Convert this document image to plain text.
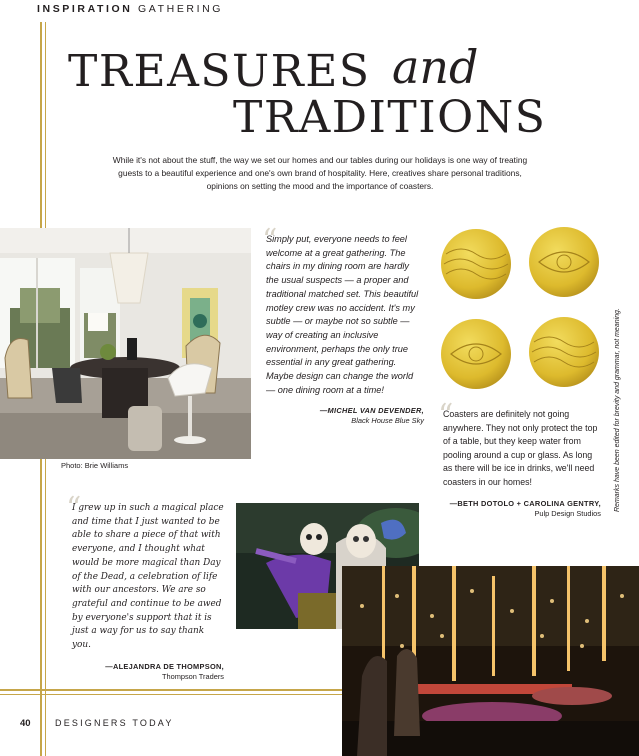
INSPIRATION GATHERING
TREASURES and
TRADITIONS
While it's not about the stuff, the way we set our homes and our tables during our holidays is one way of treating guests to a beautiful experience and one's own brand of hospitality. Here, creatives share personal traditions, opinions on setting the mood and the importance of coasters.
Photo: Brie Williams
“

Simply put, everyone needs to feel welcome at a great gathering. The chairs in my dining room are hardly the usual suspects — a proper and traditional matched set. This beautiful motley crew was no accident. It's my subtle — or maybe not so subtle — way of creating an inclusive environment, perhaps the only true essential in any great gathering. Maybe design can change the world — one dining room at a time!

—MICHEL VAN DEVENDER,
Black House Blue Sky “

Coasters are definitely not going anywhere. They not only protect the top of a table, but they keep water from pooling around a cup or glass. As long as there will be ice in drinks, we'll need coasters in our homes!

—BETH DOTOLO + CAROLINA GENTRY,
Pulp Design Studios
Remarks have been edited for brevity and grammar, not meaning.
“

I grew up in such a magical place and time that I just wanted to be able to share a piece of that with everyone, and I thought what would be more magical than Day of the Dead, a celebration of life with our ancestors. We are so grateful and continue to be awed by everyone's support that it is just a way for us to say thank you.

—ALEJANDRA DE THOMPSON,
Thompson Traders
40	DESIGNERS TODAY
